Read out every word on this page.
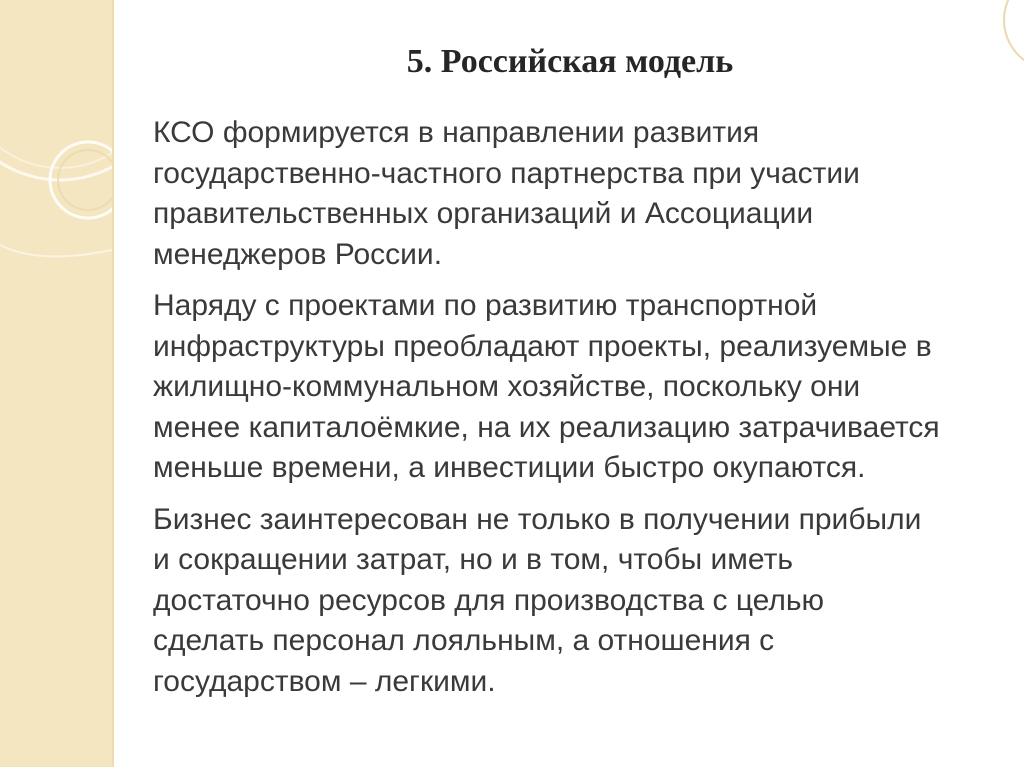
5. Российская модель

КСО формируется в направлении развития
государственно-частного партнерства при участии
правительственных организаций и Ассоциации
менеджеров России.

Наряду с проектами по развитию транспортной
инфраструктуры преобладают проекты, реализуемые в
жилищно-коммунальном хозяйстве, поскольку они
менее капиталоёмкие, на их реализацию затрачивается
меньше времени, а инвестиции быстро окупаются.

Бизнес заинтересован не только в получении прибыли
и сокращении затрат, но и в том, чтобы иметь
достаточно ресурсов для производства с целью
сделать персонал лояльным, а отношения с
государством – легкими.
